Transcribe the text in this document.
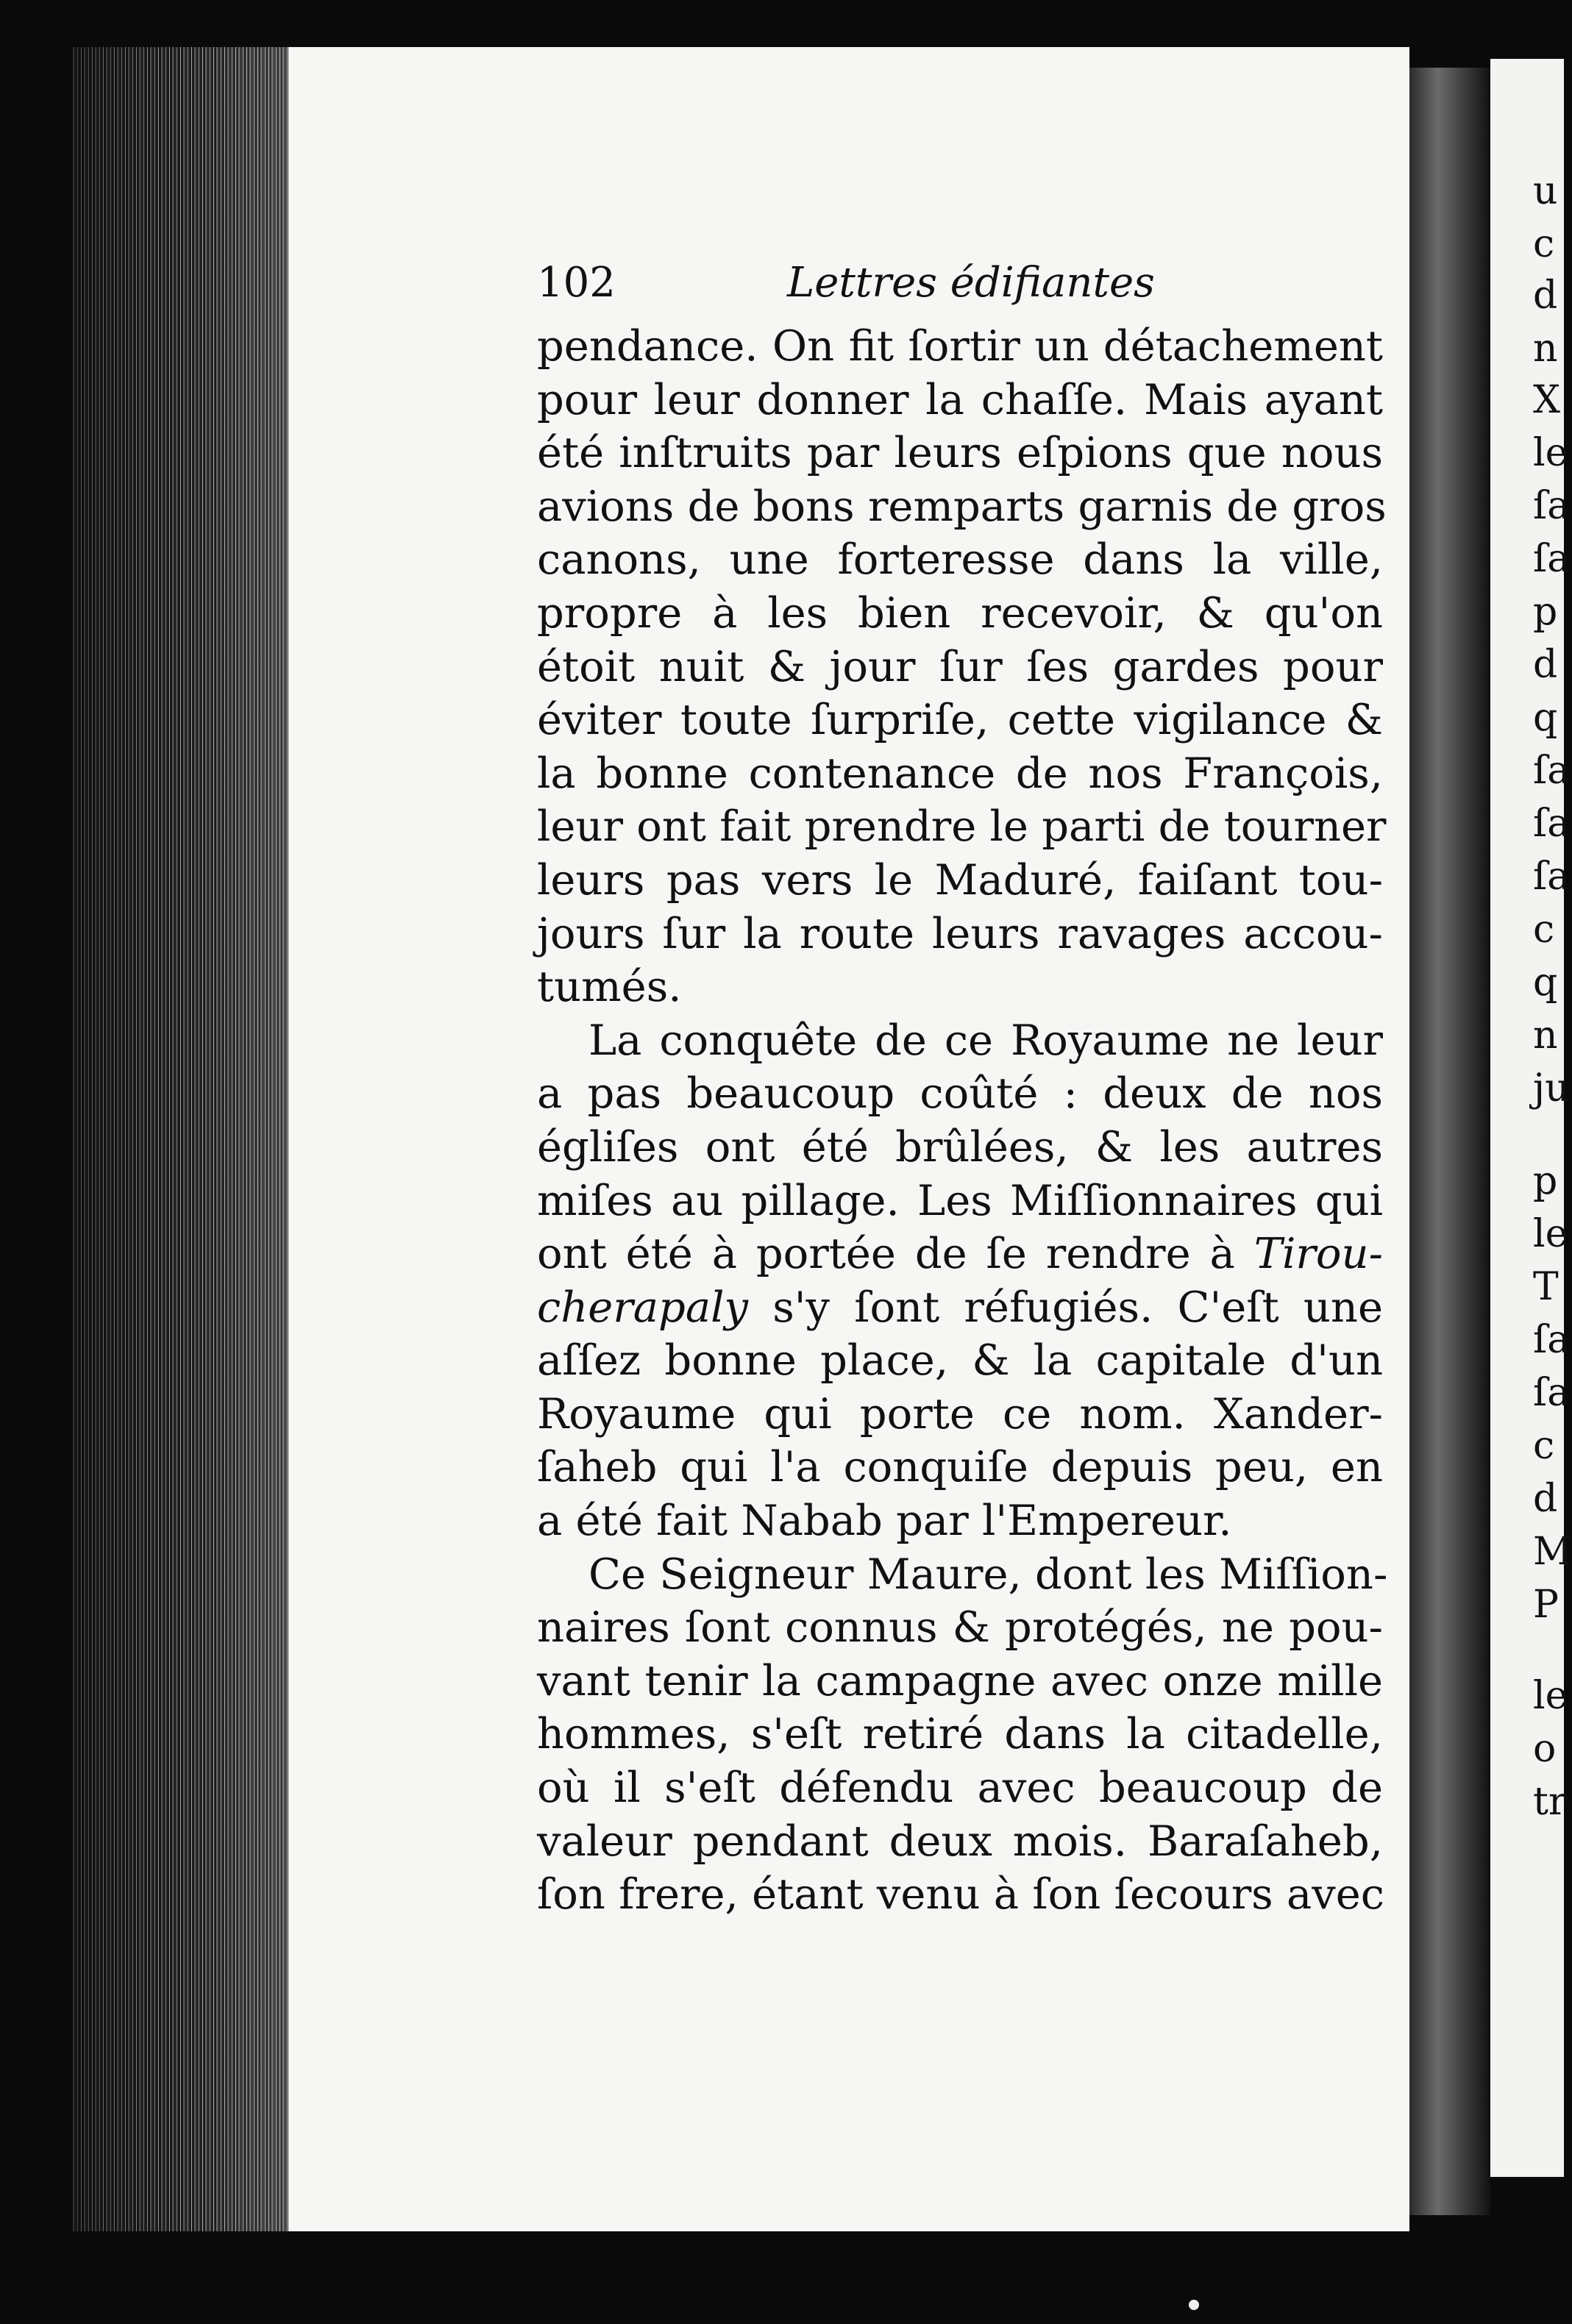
u
c
d
n
X
le
ſa
ſa
p
d
q
ſa
ſa
ſa
c
q
n
ju
p
le
T
ſa
ſa
c
d
M
P
le
o
tr
102	Lettres édifiantes
pendance. On fit ſortir un détachement
pour leur donner la chaſſe. Mais ayant
été inſtruits par leurs eſpions que nous
avions de bons remparts garnis de gros
canons, une forteresse dans la ville,
propre à les bien recevoir, & qu'on
étoit nuit & jour ſur ſes gardes pour
éviter toute ſurpriſe, cette vigilance &
la bonne contenance de nos François,
leur ont fait prendre le parti de tourner
leurs pas vers le Maduré, faiſant tou-
jours ſur la route leurs ravages accou-
tumés.
La conquête de ce Royaume ne leur
a pas beaucoup coûté : deux de nos
égliſes ont été brûlées, & les autres
miſes au pillage. Les Miſſionnaires qui
ont été à portée de ſe rendre à Tirou-
cherapaly s'y ſont réfugiés. C'eſt une
aſſez bonne place, & la capitale d'un
Royaume qui porte ce nom. Xander-
ſaheb qui l'a conquiſe depuis peu, en
a été fait Nabab par l'Empereur.
Ce Seigneur Maure, dont les Miſſion-
naires ſont connus & protégés, ne pou-
vant tenir la campagne avec onze mille
hommes, s'eſt retiré dans la citadelle,
où il s'eſt défendu avec beaucoup de
valeur pendant deux mois. Baraſaheb,
ſon frere, étant venu à ſon ſecours avec
